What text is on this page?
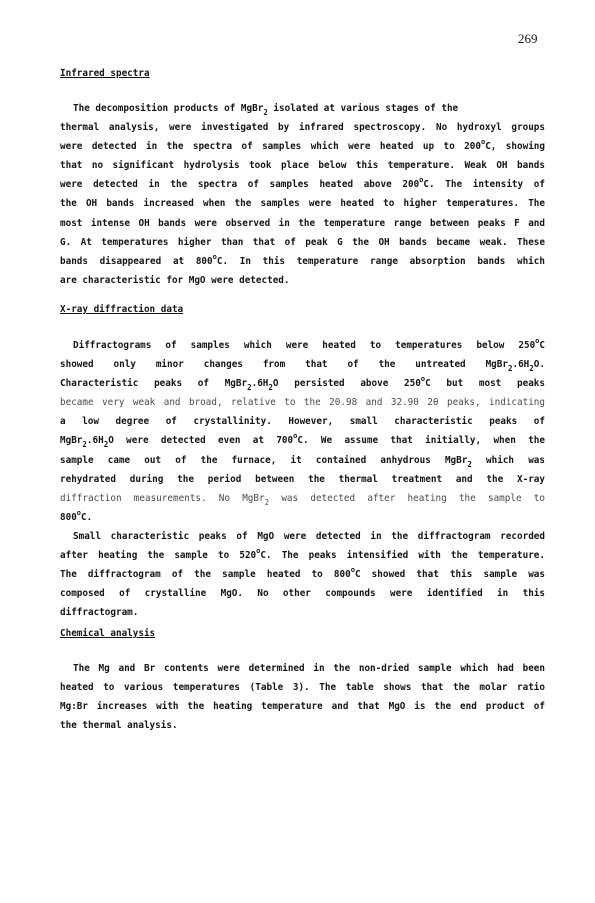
269
Infrared spectra
The decomposition products of MgBr$_2$ isolated at various stages of the
thermal analysis, were investigated by infrared spectroscopy. No hydroxyl groups
were detected in the spectra of samples which were heated up to 200$^o$C, showing
that no significant hydrolysis took place below this temperature. Weak OH bands
were detected in the spectra of samples heated above 200$^o$C. The intensity of
the OH bands increased when the samples were heated to higher temperatures. The
most intense OH bands were observed in the temperature range between peaks F and
G. At temperatures higher than that of peak G the OH bands became weak. These
bands disappeared at 800$^o$C. In this temperature range absorption bands which
are characteristic for MgO were detected.
X-ray diffraction data
Diffractograms of samples which were heated to temperatures below 250$^o$C
showed only minor changes from that of the untreated $MgBr_2.6H_2O$.
Characteristic peaks of $MgBr_2.6H_2O$ persisted above 250$^o$C but most peaks
became very weak and broad, relative to the 20.98 and 32.90 2θ peaks, indicating
a low degree of crystallinity. However, small characteristic peaks of
$MgBr_2.6H_2O$ were detected even at 700$^o$C. We assume that initially, when the
sample came out of the furnace, it contained anhydrous MgBr$_2$ which was
rehydrated during the period between the thermal treatment and the X-ray
diffraction measurements. No MgBr$_2$ was detected after heating the sample to
800$^o$C.
Small characteristic peaks of MgO were detected in the diffractogram recorded
after heating the sample to 520$^o$C. The peaks intensified with the temperature.
The diffractogram of the sample heated to 800$^o$C showed that this sample was
composed of crystalline MgO. No other compounds were identified in this
diffractogram.
Chemical analysis
The Mg and Br contents were determined in the non-dried sample which had been
heated to various temperatures (Table 3). The table shows that the molar ratio
Mg:Br increases with the heating temperature and that MgO is the end product of
the thermal analysis.
